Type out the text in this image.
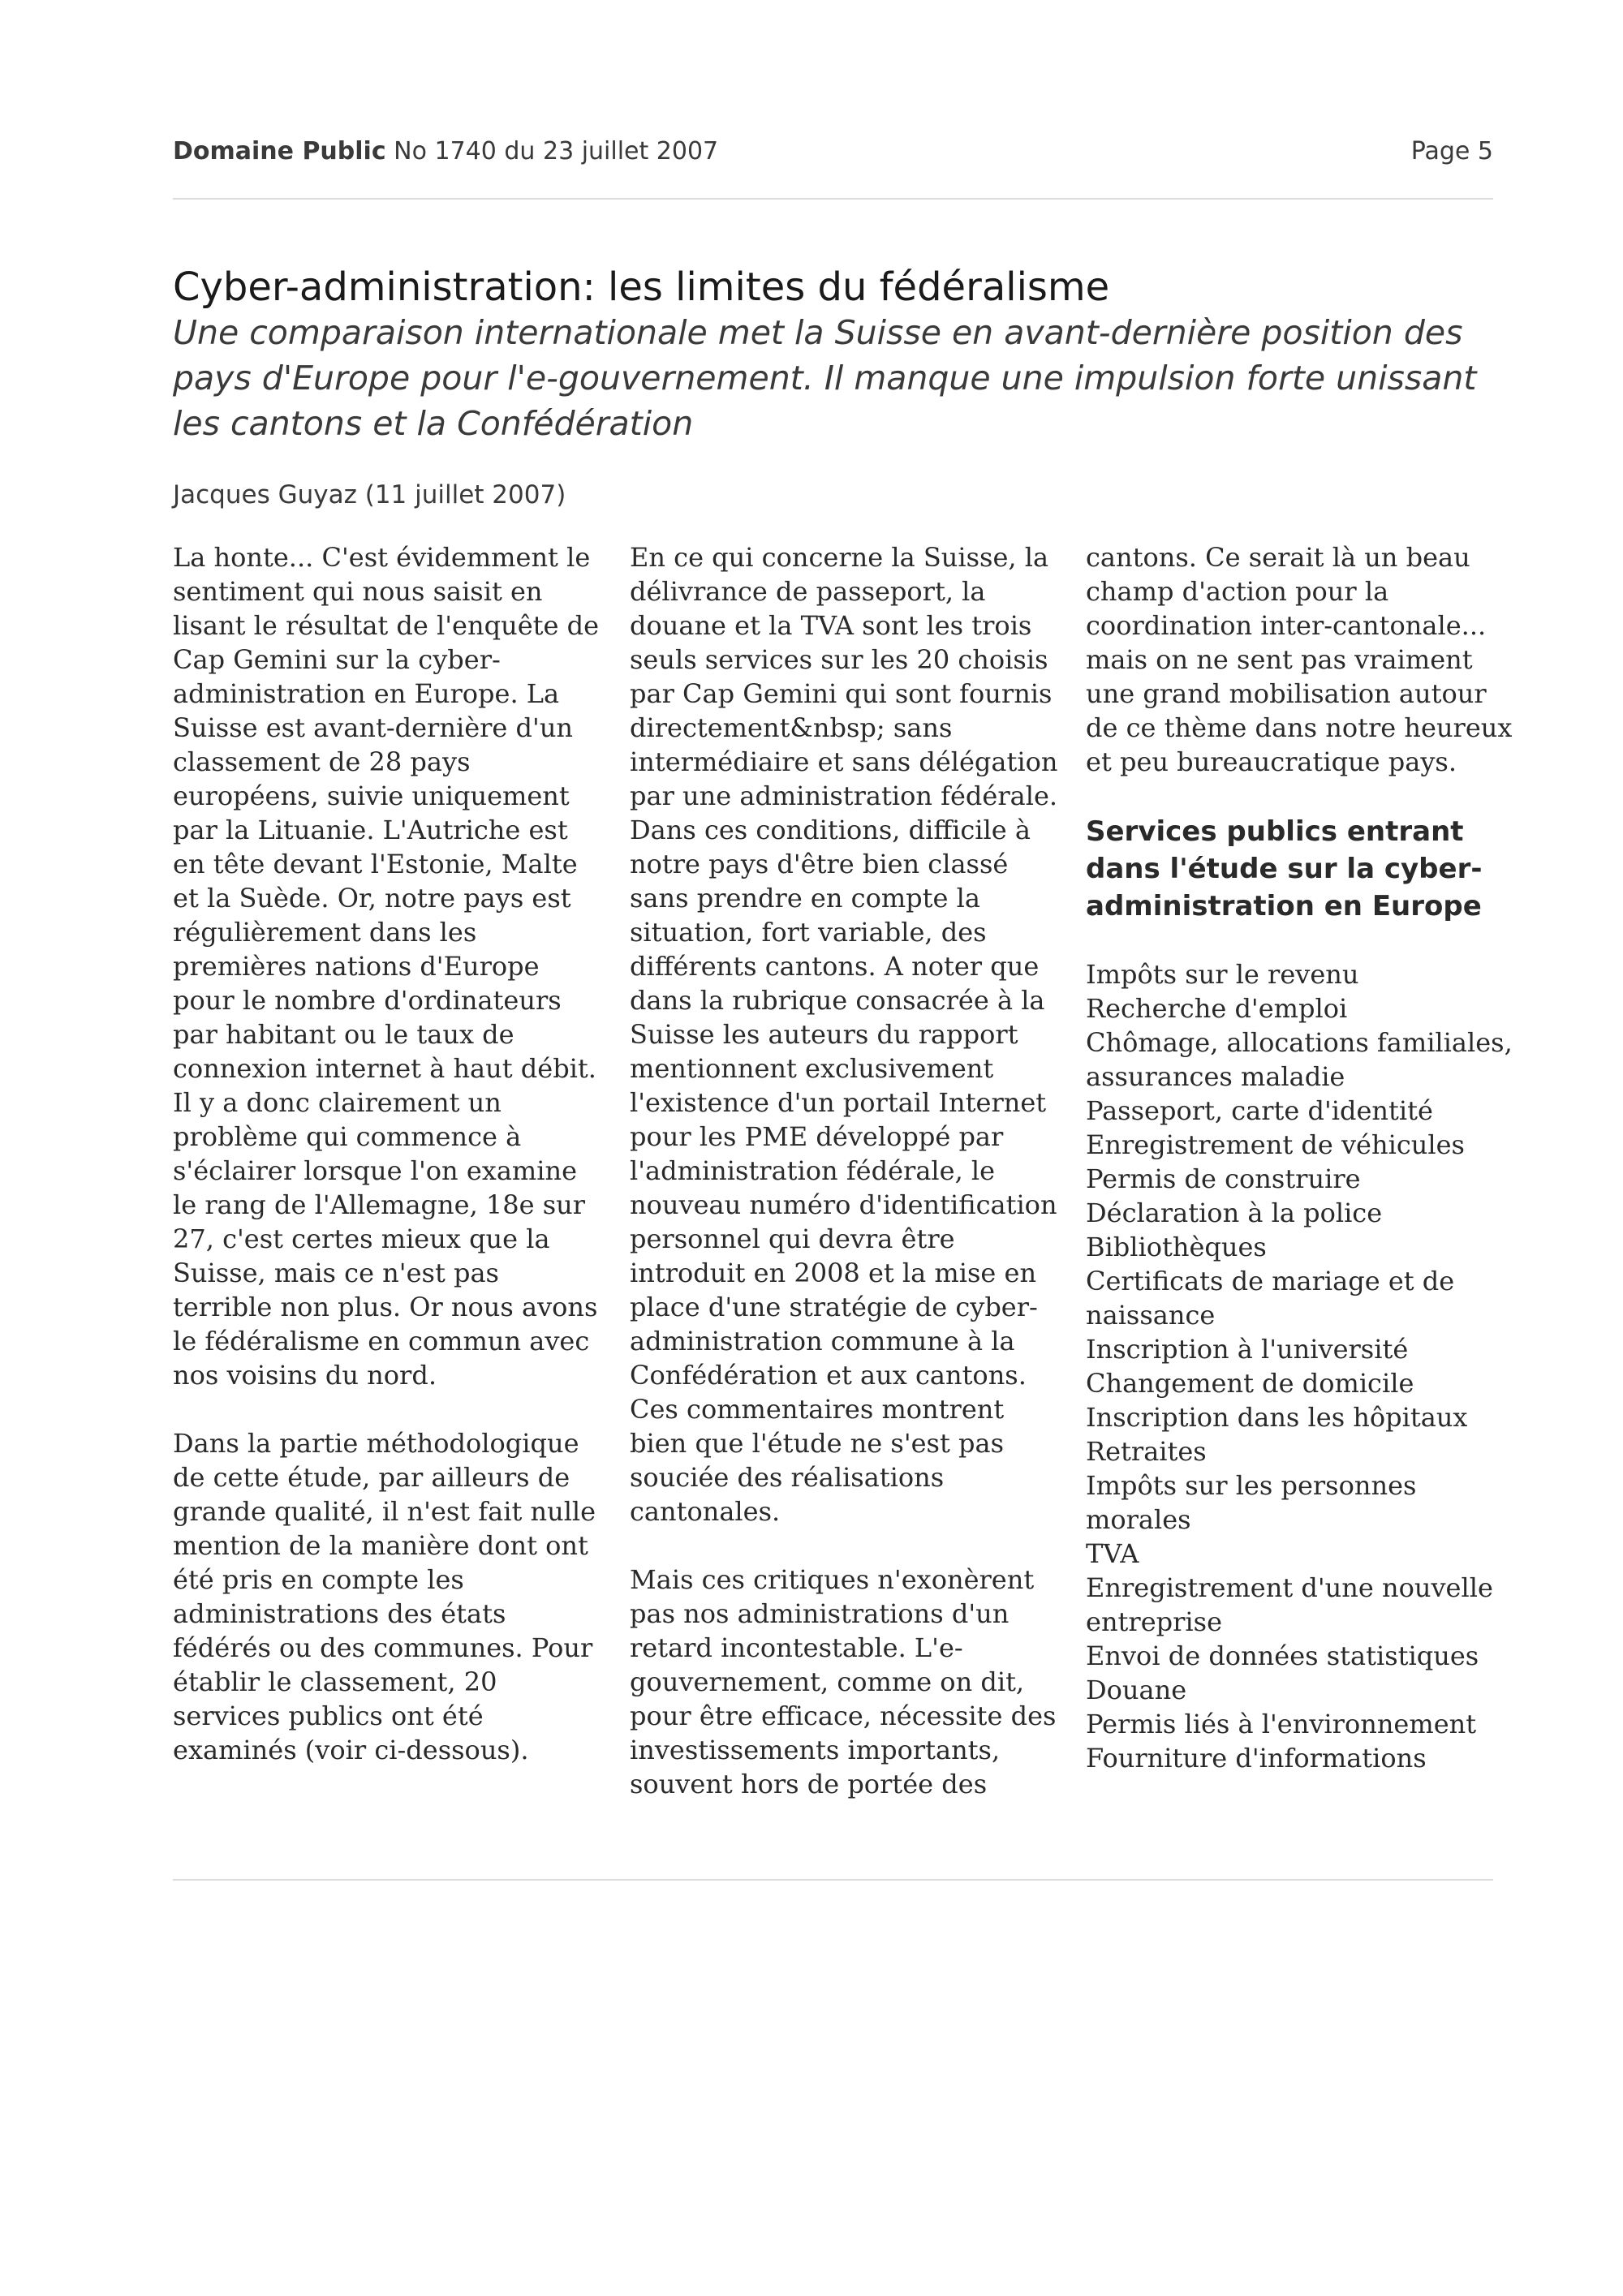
Domaine Public No 1740 du 23 juillet 2007	Page 5
Cyber-administration: les limites du fédéralisme

Une comparaison internationale met la Suisse en avant-dernière position des pays d'Europe pour l'e-gouvernement. Il manque une impulsion forte unissant les cantons et la Confédération

Jacques Guyaz (11 juillet 2007)

La honte... C'est évidemment le sentiment qui nous saisit en lisant le résultat de l'enquête de Cap Gemini sur la cyber-administration en Europe. La Suisse est avant-dernière d'un classement de 28 pays européens, suivie uniquement par la Lituanie. L'Autriche est en tête devant l'Estonie, Malte et la Suède. Or, notre pays est régulièrement dans les premières nations d'Europe pour le nombre d'ordinateurs par habitant ou le taux de connexion internet à haut débit. Il y a donc clairement un problème qui commence à s'éclairer lorsque l'on examine le rang de l'Allemagne, 18e sur 27, c'est certes mieux que la Suisse, mais ce n'est pas terrible non plus. Or nous avons le fédéralisme en commun avec nos voisins du nord.

Dans la partie méthodologique de cette étude, par ailleurs de grande qualité, il n'est fait nulle mention de la manière dont ont été pris en compte les administrations des états fédérés ou des communes. Pour établir le classement, 20 services publics ont été examinés (voir ci-dessous).

En ce qui concerne la Suisse, la délivrance de passeport, la douane et la TVA sont les trois seuls services sur les 20 choisis par Cap Gemini qui sont fournis directement&nbsp; sans intermédiaire et sans délégation par une administration fédérale. Dans ces conditions, difficile à notre pays d'être bien classé sans prendre en compte la situation, fort variable, des différents cantons. A noter que dans la rubrique consacrée à la Suisse les auteurs du rapport mentionnent exclusivement l'existence d'un portail Internet pour les PME développé par l'administration fédérale, le nouveau numéro d'identification personnel qui devra être introduit en 2008 et la mise en place d'une stratégie de cyber-administration commune à la Confédération et aux cantons. Ces commentaires montrent bien que l'étude ne s'est pas souciée des réalisations cantonales.

Mais ces critiques n'exonèrent pas nos administrations d'un retard incontestable. L'e-gouvernement, comme on dit, pour être efficace, nécessite des investissements importants, souvent hors de portée des

cantons. Ce serait là un beau champ d'action pour la coordination inter-cantonale... mais on ne sent pas vraiment une grand mobilisation autour de ce thème dans notre heureux et peu bureaucratique pays.

Services publics entrant dans l'étude sur la cyber-administration en Europe
Impôts sur le revenu
Recherche d'emploi
Chômage, allocations familiales, assurances maladie
Passeport, carte d'identité
Enregistrement de véhicules
Permis de construire
Déclaration à la police
Bibliothèques
Certificats de mariage et de naissance
Inscription à l'université
Changement de domicile
Inscription dans les hôpitaux
Retraites
Impôts sur les personnes morales
TVA
Enregistrement d'une nouvelle entreprise
Envoi de données statistiques
Douane
Permis liés à l'environnement
Fourniture d'informations
